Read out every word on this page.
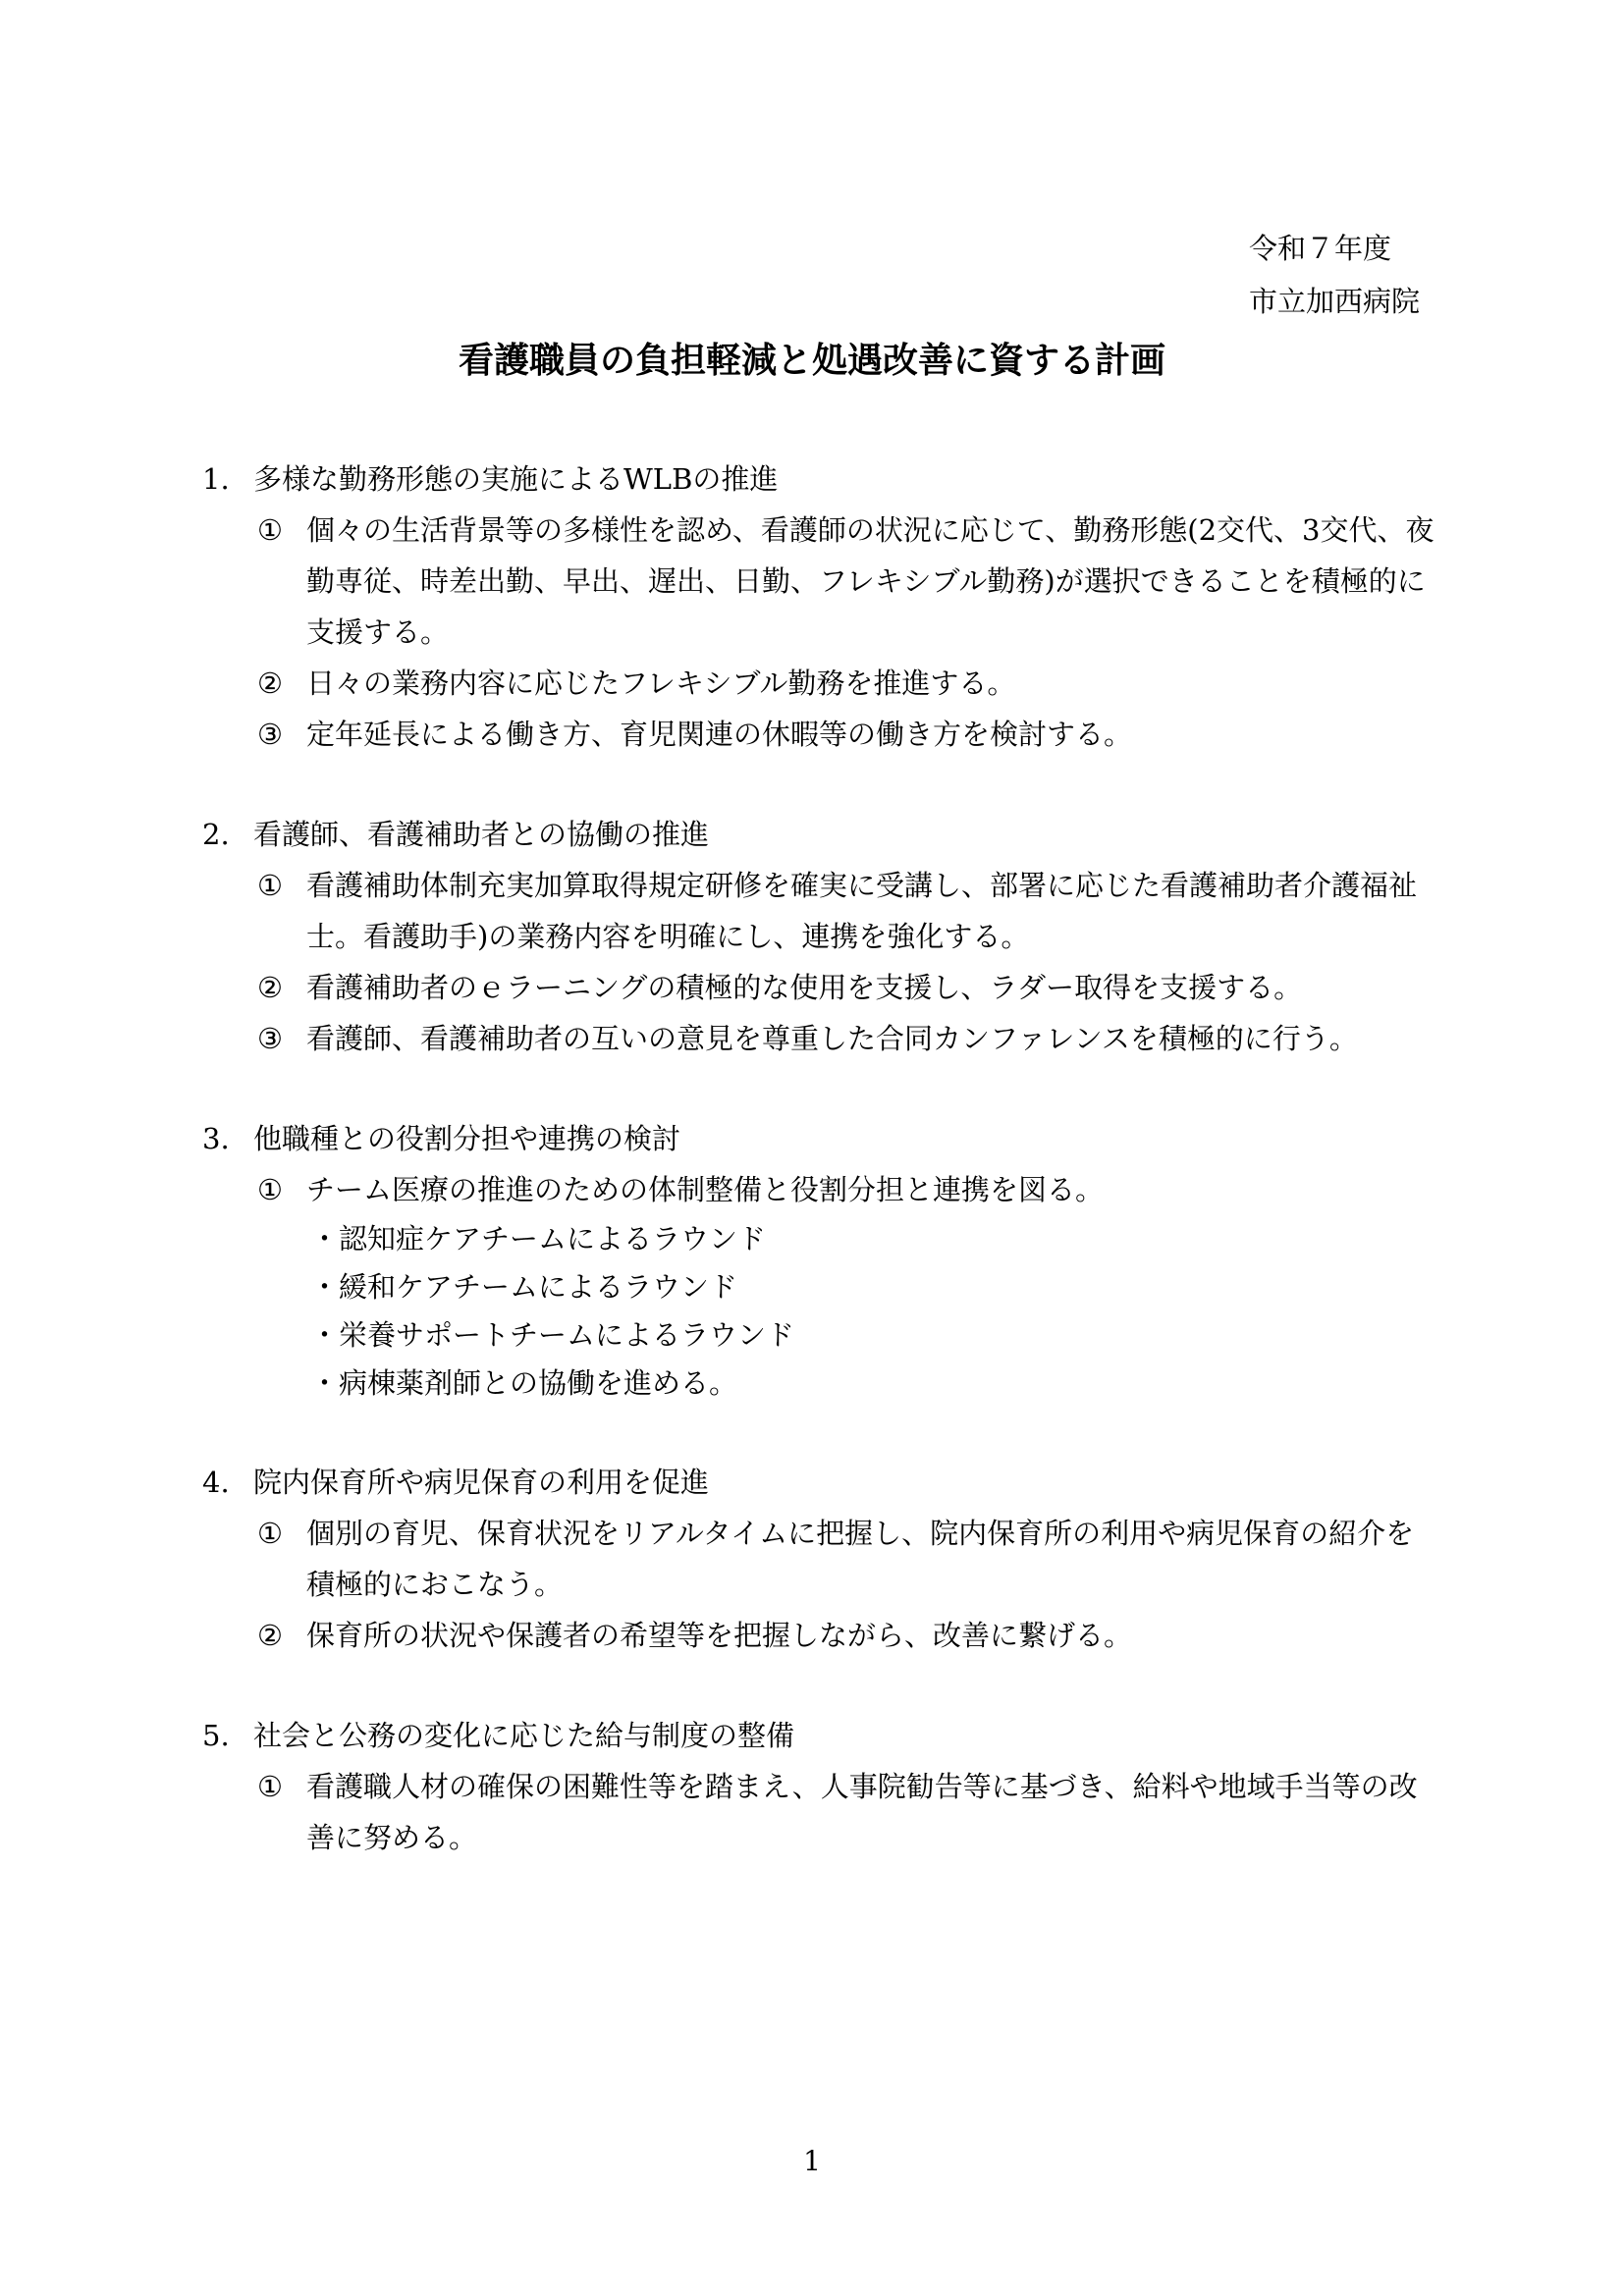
令和７年度
市立加西病院
看護職員の負担軽減と処遇改善に資する計画
1. 多様な勤務形態の実施によるWLBの推進
① 個々の生活背景等の多様性を認め、看護師の状況に応じて、勤務形態(2交代、3交代、夜勤専従、時差出勤、早出、遅出、日勤、フレキシブル勤務)が選択できることを積極的に支援する。
② 日々の業務内容に応じたフレキシブル勤務を推進する。
③ 定年延長による働き方、育児関連の休暇等の働き方を検討する。
2. 看護師、看護補助者との協働の推進
① 看護補助体制充実加算取得規定研修を確実に受講し、部署に応じた看護補助者介護福祉士。看護助手)の業務内容を明確にし、連携を強化する。
② 看護補助者のｅラーニングの積極的な使用を支援し、ラダー取得を支援する。
③ 看護師、看護補助者の互いの意見を尊重した合同カンファレンスを積極的に行う。
3. 他職種との役割分担や連携の検討
① チーム医療の推進のための体制整備と役割分担と連携を図る。
・認知症ケアチームによるラウンド
・緩和ケアチームによるラウンド
・栄養サポートチームによるラウンド
・病棟薬剤師との協働を進める。
4. 院内保育所や病児保育の利用を促進
① 個別の育児、保育状況をリアルタイムに把握し、院内保育所の利用や病児保育の紹介を積極的におこなう。
② 保育所の状況や保護者の希望等を把握しながら、改善に繋げる。
5. 社会と公務の変化に応じた給与制度の整備
① 看護職人材の確保の困難性等を踏まえ、人事院勧告等に基づき、給料や地域手当等の改善に努める。
1
